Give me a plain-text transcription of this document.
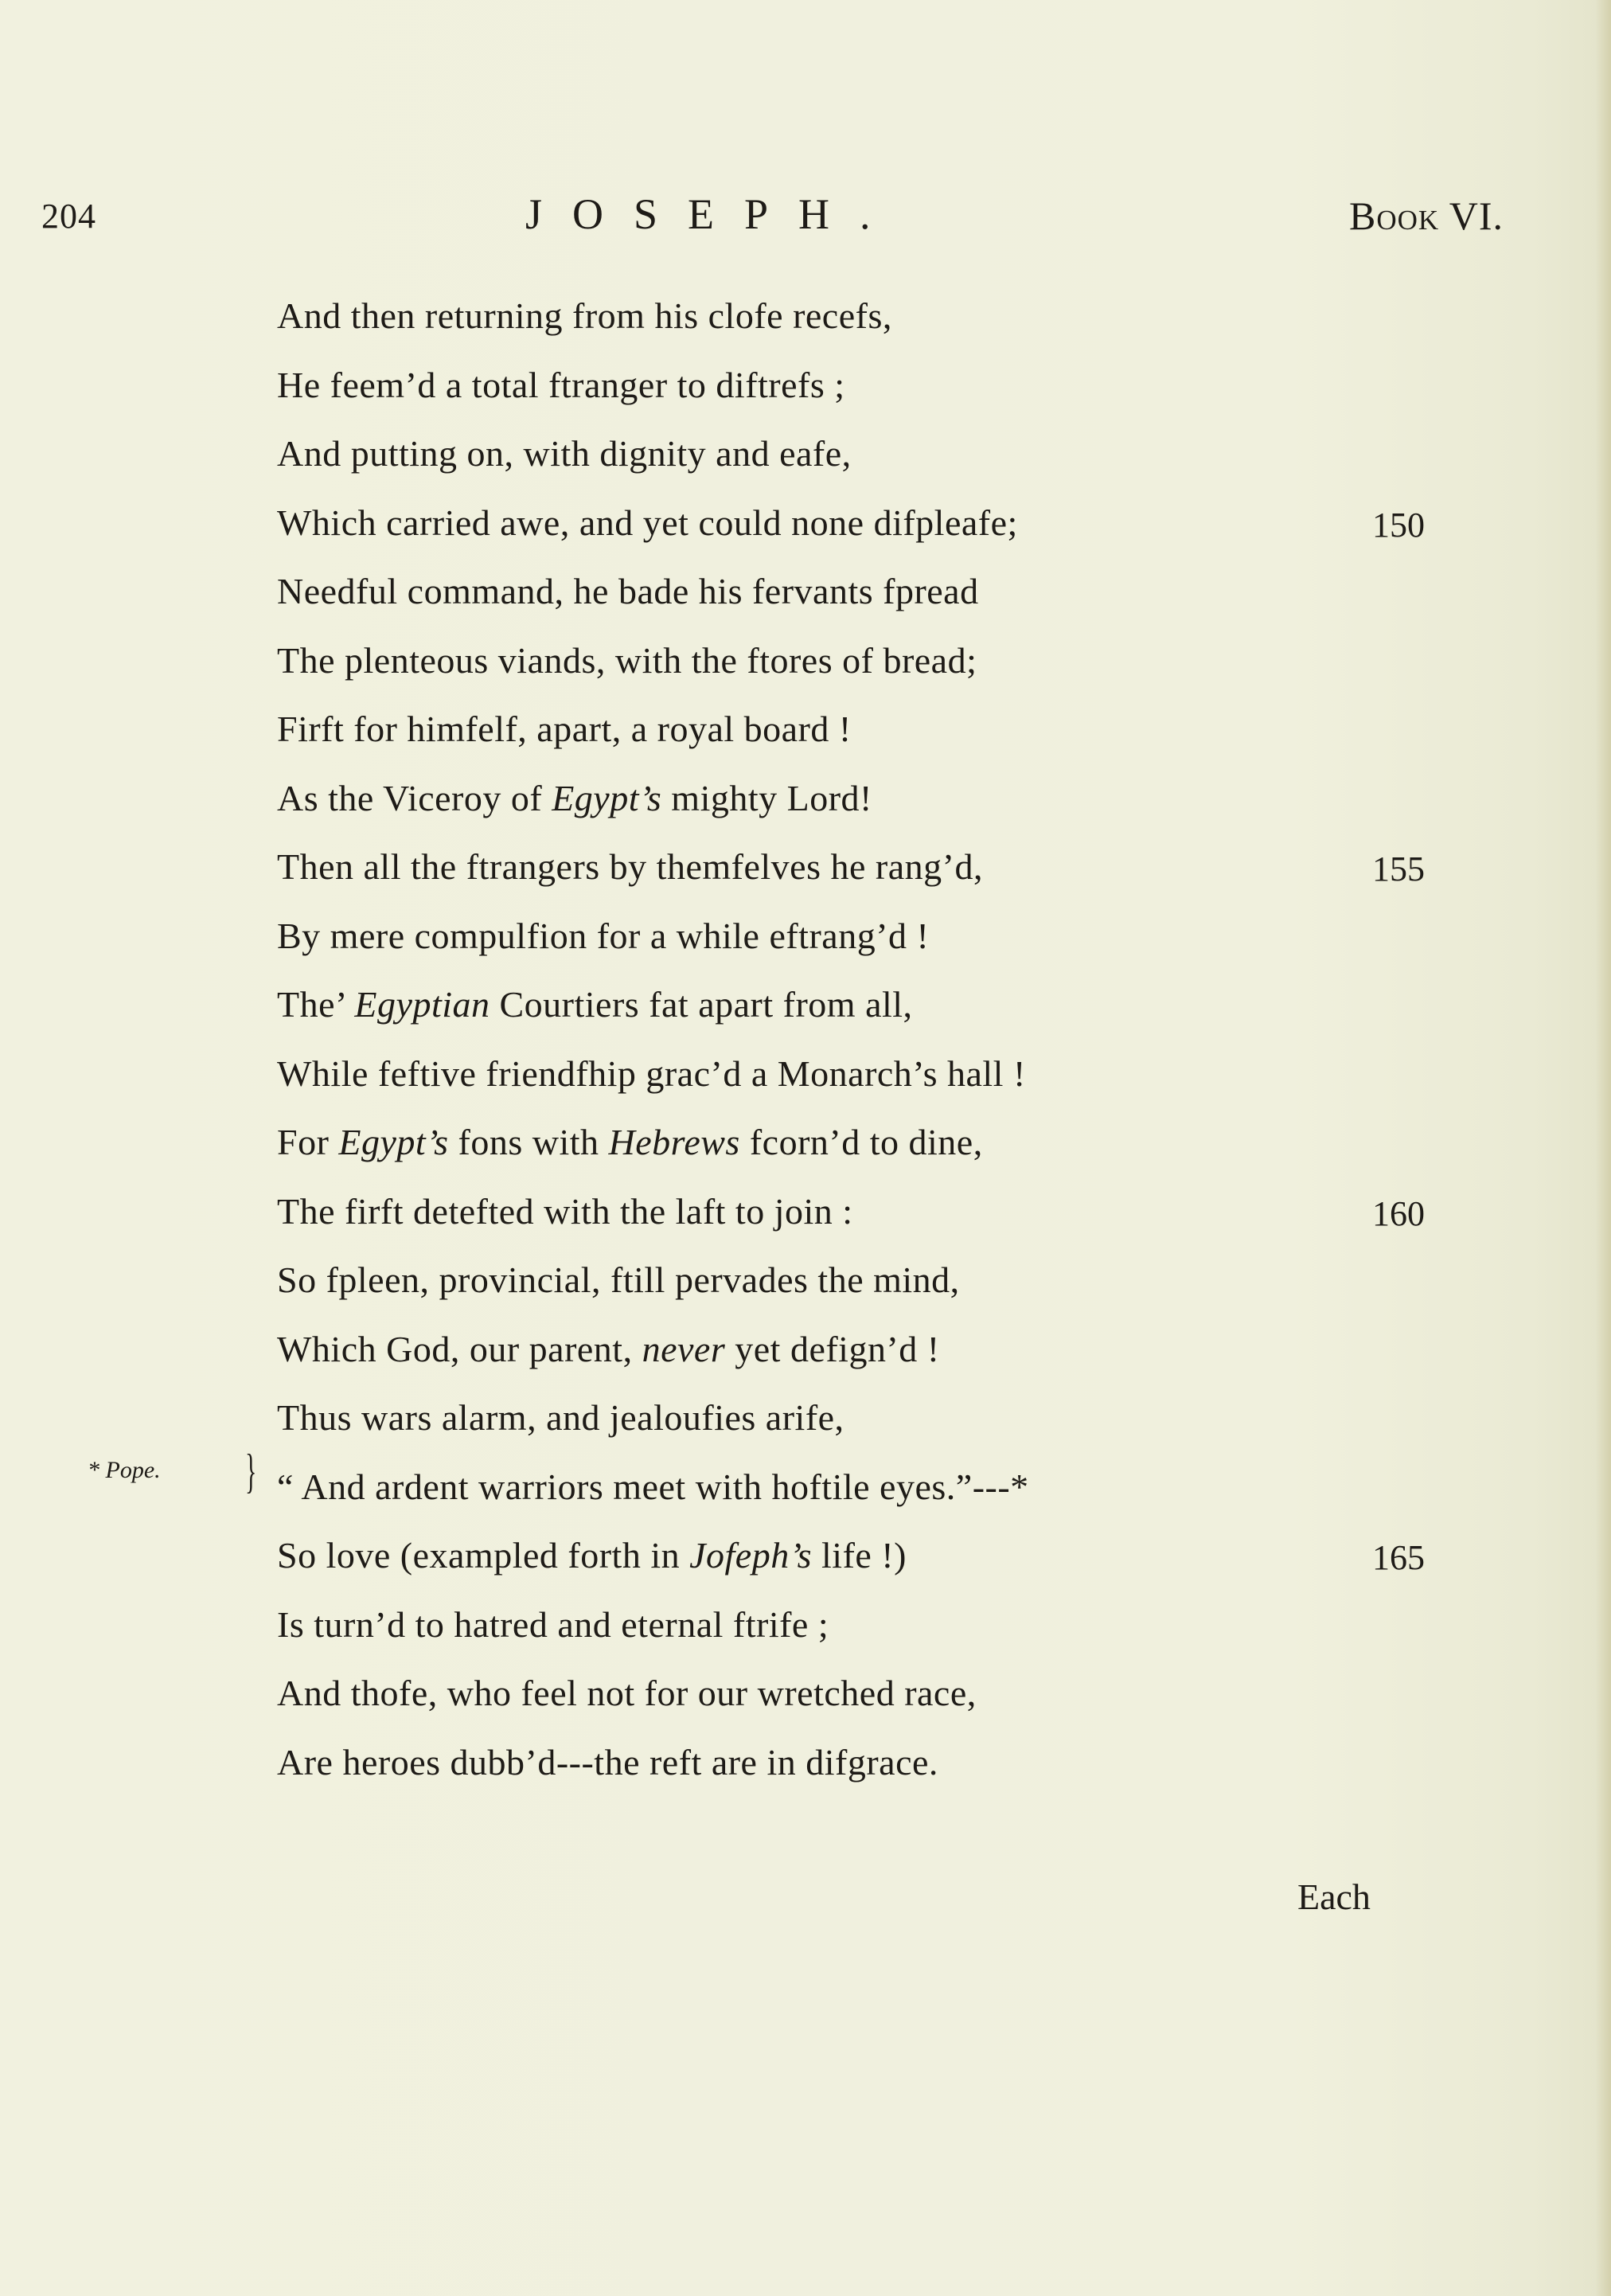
204	JOSEPH.	Book VI.
And then returning from his clofe recefs,
He feem’d a total ftranger to diftrefs ;
And putting on, with dignity and eafe,
Which carried awe, and yet could none difpleafe;
Needful command, he bade his fervants fpread
The plenteous viands, with the ftores of bread;
Firft for himfelf, apart, a royal board !
As the Viceroy of Egypt’s mighty Lord!
Then all the ftrangers by themfelves he rang’d,
By mere compulfion for a while eftrang’d !
The’ Egyptian Courtiers fat apart from all,
While feftive friendfhip grac’d a Monarch’s hall !
For Egypt’s fons with Hebrews fcorn’d to dine,
The firft detefted with the laft to join :
So fpleen, provincial, ftill pervades the mind,
Which God, our parent, never yet defign’d !
Thus wars alarm, and jealoufies arife,
“ And ardent warriors meet with hoftile eyes.”---*
So love (exampled forth in Jofeph’s life !)
Is turn’d to hatred and eternal ftrife ;
And thofe, who feel not for our wretched race,
Are heroes dubb’d---the reft are in difgrace.
* Pope. }
Each
150
155
160
165
